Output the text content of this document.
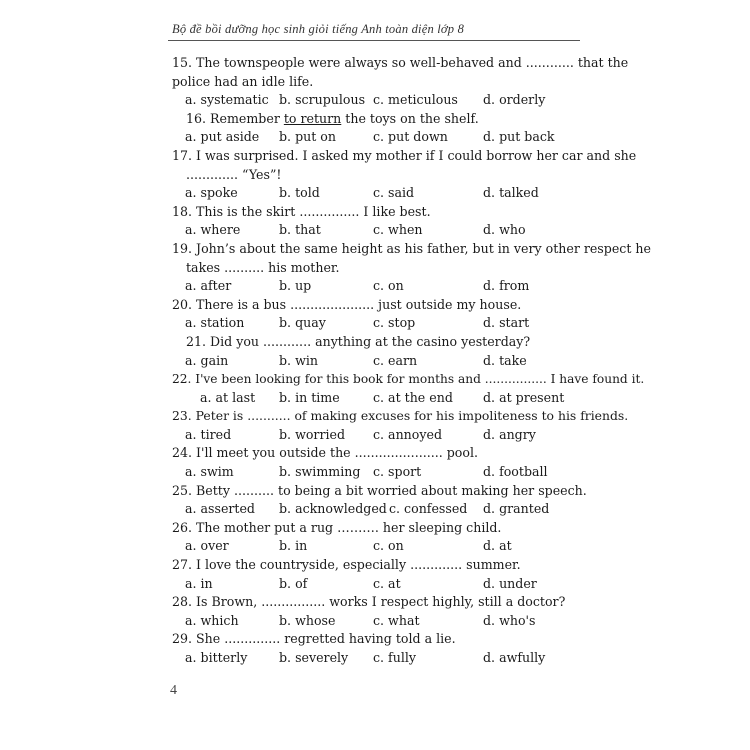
Bộ đề bồi dưỡng học sinh giỏi tiếng Anh toàn diện lớp 8
15. The townspeople were always so well-behaved and ............ that the
police had an idle life.
a. systematic b. scrupulous c. meticulous d. orderly
16. Remember to return the toys on the shelf.
a. put aside b. put on	c. put down	d. put back
17. I was surprised. I asked my mother if I could borrow her car and she
............. “Yes”!
a. spoke	b. told	c. said	d. talked
18. This is the skirt ............... I like best.
a. where	b. that	c. when	d. who
19. John’s about the same height as his father, but in very other respect he
takes .......... his mother.
a. after	b. up	c. on	d. from
20. There is a bus ..................... just outside my house.
a. station	b. quay	c. stop	d. start
21. Did you ............ anything at the casino yesterday?
a. gain	b. win	c. earn	d. take
22. I've been looking for this book for months and ................ I have found it.
a. at last b. in time	c. at the end d. at present
23. Peter is ........... of making excuses for his impoliteness to his friends.
a. tired	b. worried c. annoyed	d. angry
24. I'll meet you outside the ...................... pool.
a. swim	b. swimming c. sport	d. football
25. Betty .......... to being a bit worried about making her speech.
a. asserted b. acknowledged c. confessed d. granted
26. The mother put a rug ………. her sleeping child.
a. over	b. in	c. on	d. at
27. I love the countryside, especially ............. summer.
a. in	b. of	c. at	d. under
28. Is Brown, ................ works I respect highly, still a doctor?
a. which	b. whose	c. what	d. who's
29. She .............. regretted having told a lie.
a. bitterly	b. severely c. fully	d. awfully
4
